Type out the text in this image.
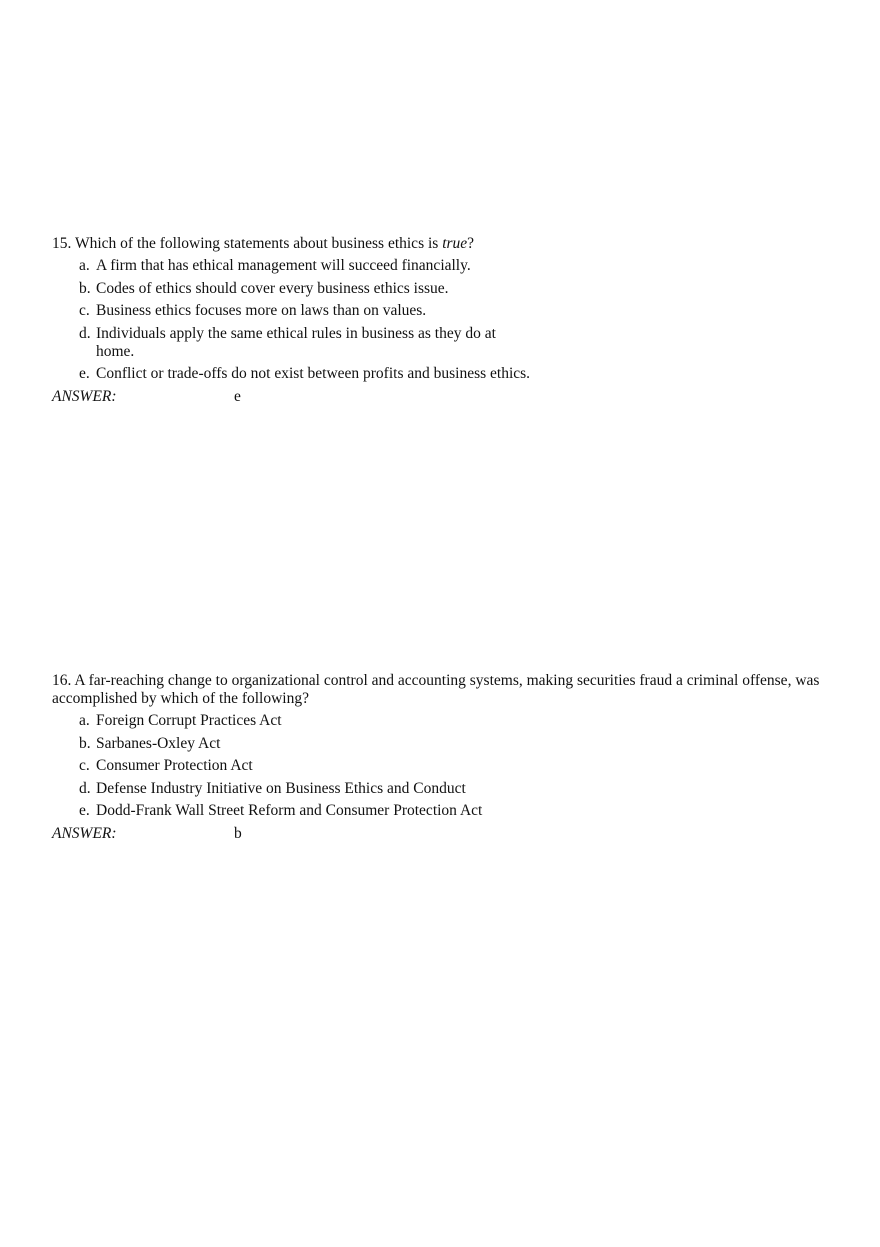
15. Which of the following statements about business ethics is true?

a. A firm that has ethical management will succeed financially.
b. Codes of ethics should cover every business ethics issue.
c. Business ethics focuses more on laws than on values.
d. Individuals apply the same ethical rules in business as they do at home.
e. Conflict or trade-offs do not exist between profits and business ethics.
ANSWER:	e

16. A far-reaching change to organizational control and accounting systems, making securities fraud a criminal offense, was accomplished by which of the following?

a. Foreign Corrupt Practices Act
b. Sarbanes-Oxley Act
c. Consumer Protection Act
d. Defense Industry Initiative on Business Ethics and Conduct
e. Dodd-Frank Wall Street Reform and Consumer Protection Act
ANSWER:	b
